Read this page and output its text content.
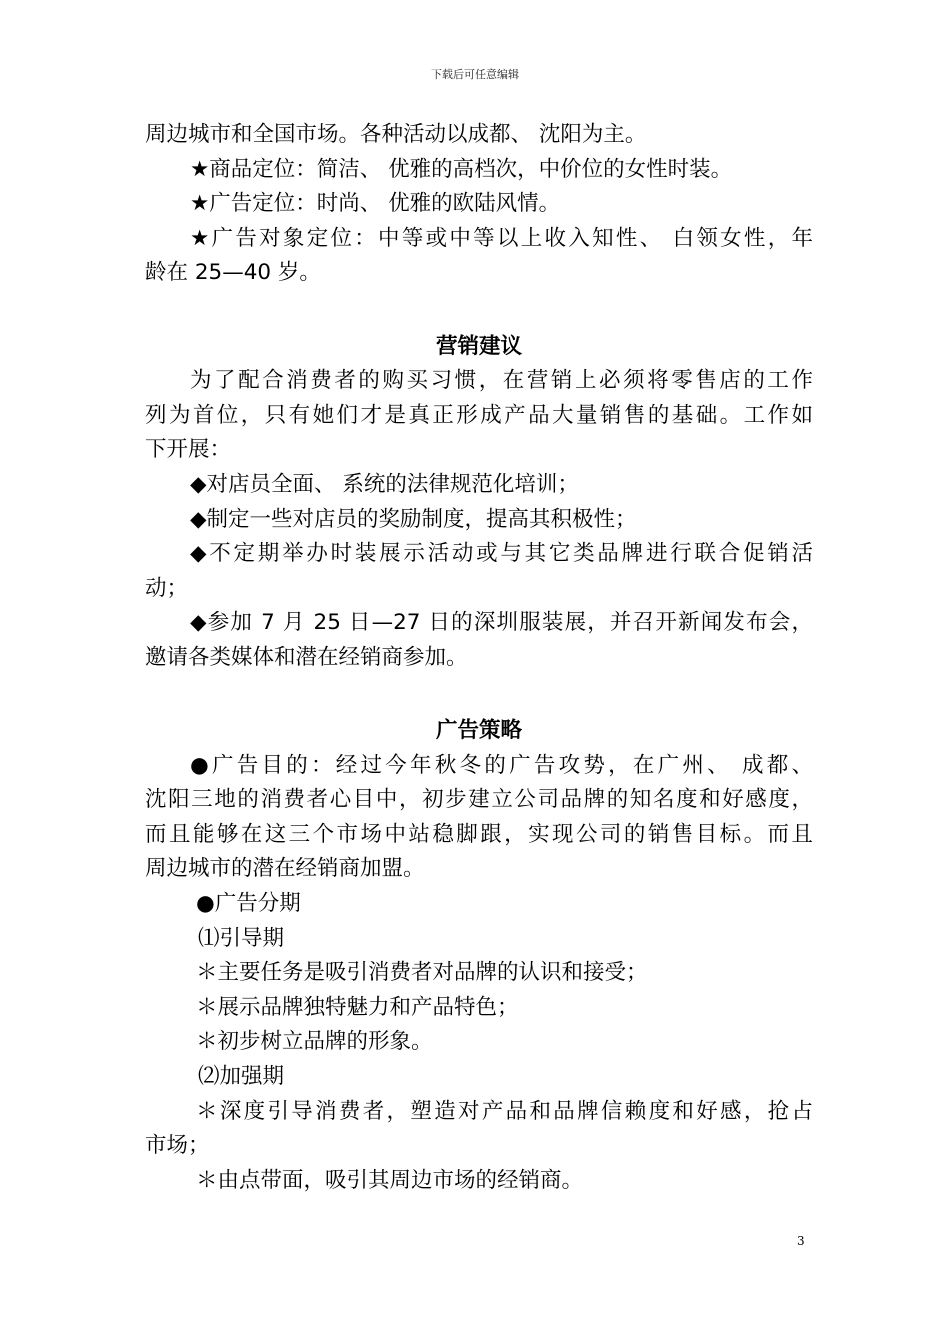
下载后可任意编辑
周边城市和全国市场。各种活动以成都、 沈阳为主。
★商品定位：简洁、 优雅的高档次，中价位的女性时装。
★广告定位：时尚、 优雅的欧陆风情。
★广告对象定位：中等或中等以上收入知性、 白领女性，年
龄在 25—40 岁。
营销建议
为了配合消费者的购买习惯，在营销上必须将零售店的工作
列为首位，只有她们才是真正形成产品大量销售的基础。工作如
下开展：
◆对店员全面、 系统的法律规范化培训；
◆制定一些对店员的奖励制度，提高其积极性；
◆不定期举办时装展示活动或与其它类品牌进行联合促销活
动；
◆参加 7 月 25 日—27 日的深圳服装展，并召开新闻发布会，
邀请各类媒体和潜在经销商参加。
广告策略
●广告目的：经过今年秋冬的广告攻势，在广州、 成都、
沈阳三地的消费者心目中，初步建立公司品牌的知名度和好感度，
而且能够在这三个市场中站稳脚跟，实现公司的销售目标。而且
周边城市的潜在经销商加盟。
●广告分期
⑴引导期
＊主要任务是吸引消费者对品牌的认识和接受；
＊展示品牌独特魅力和产品特色；
＊初步树立品牌的形象。
⑵加强期
＊深度引导消费者，塑造对产品和品牌信赖度和好感，抢占
市场；
＊由点带面，吸引其周边市场的经销商。
3
